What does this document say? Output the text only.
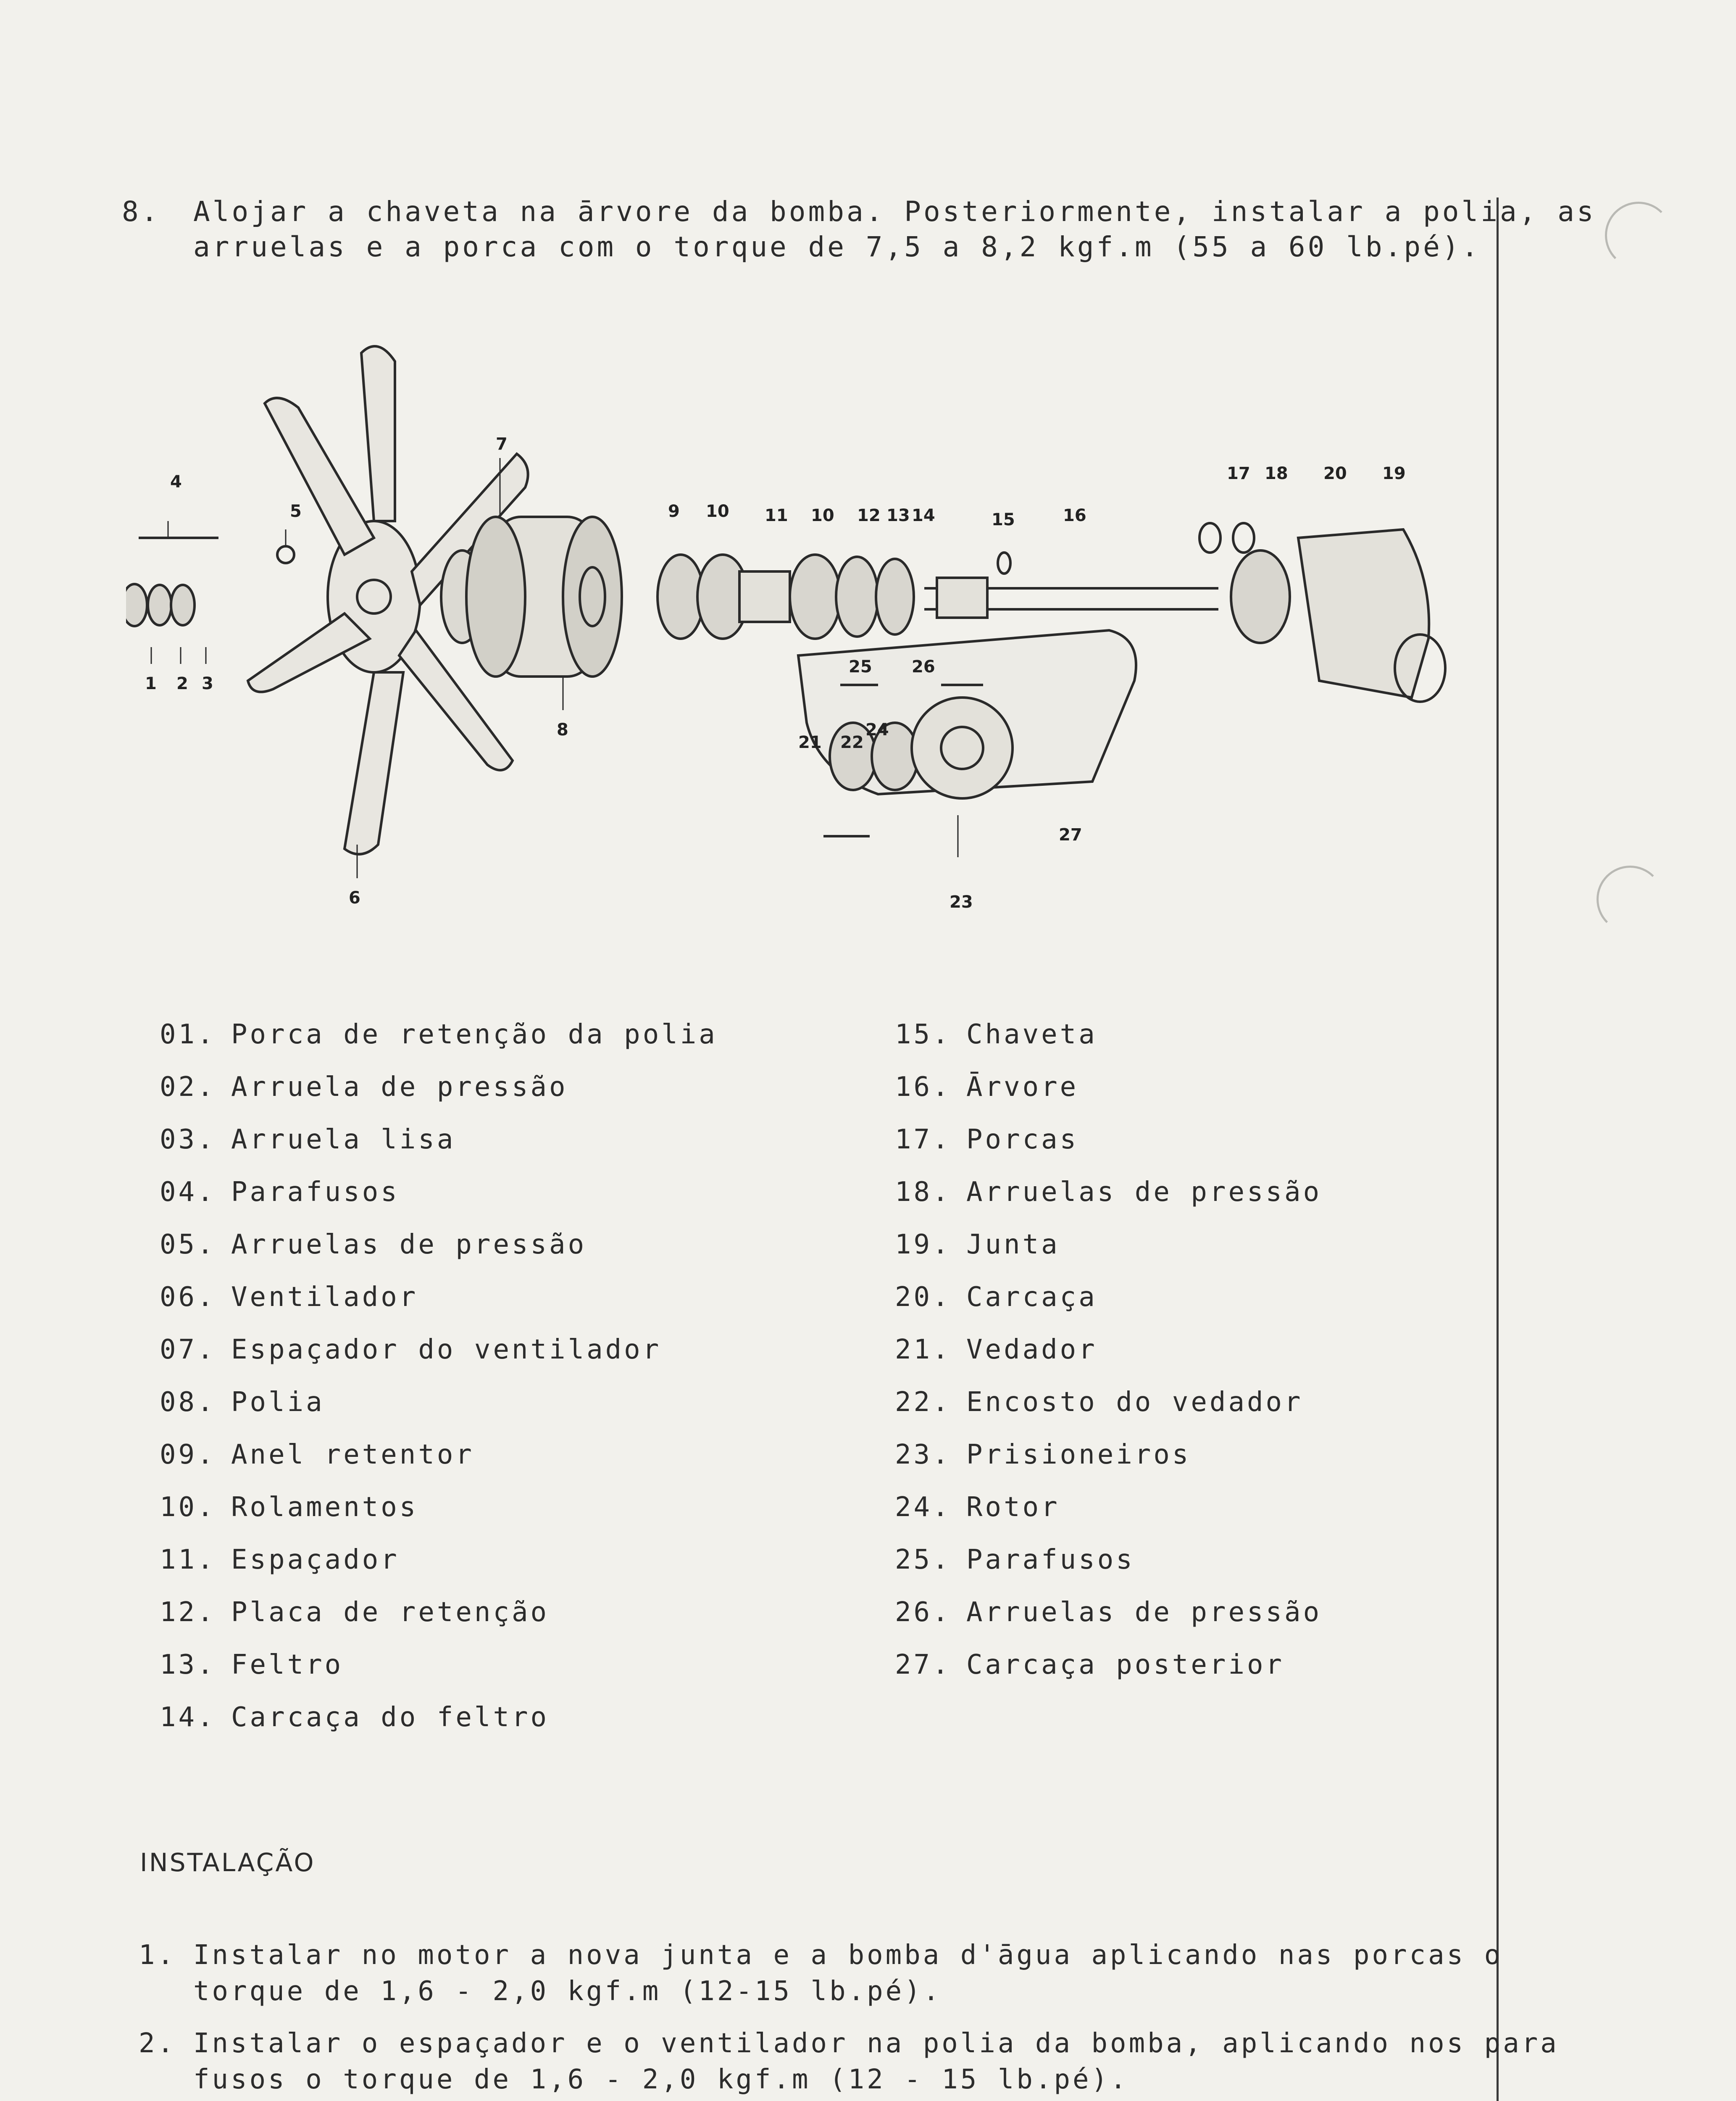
8. Alojar a chaveta na ārvore da bomba. Posteriormente, instalar a polia, as
arruelas e a porca com o torque de 7,5 a 8,2 kgf.m (55 a 60 lb.pé).
4
5
1 2 3
6
7
8
9 10 11 10 12 13 14	15	16
17 18 20 19
25 26
24
21 22
27
23
01. Porca de retenção da polia
02. Arruela de pressão
03. Arruela lisa
04. Parafusos
05. Arruelas de pressão
06. Ventilador
07. Espaçador do ventilador
08. Polia
09. Anel retentor
10. Rolamentos
11. Espaçador
12. Placa de retenção
13. Feltro
14. Carcaça do feltro
15. Chaveta
16. Ārvore
17. Porcas
18. Arruelas de pressão
19. Junta
20. Carcaça
21. Vedador
22. Encosto do vedador
23. Prisioneiros
24. Rotor
25. Parafusos
26. Arruelas de pressão
27. Carcaça posterior
INSTALAÇÃO
1. Instalar no motor a nova junta e a bomba d'āgua aplicando nas porcas o
torque de 1,6 - 2,0 kgf.m (12-15 lb.pé).
2. Instalar o espaçador e o ventilador na polia da bomba, aplicando nos para
fusos o torque de 1,6 - 2,0 kgf.m (12 - 15 lb.pé).
